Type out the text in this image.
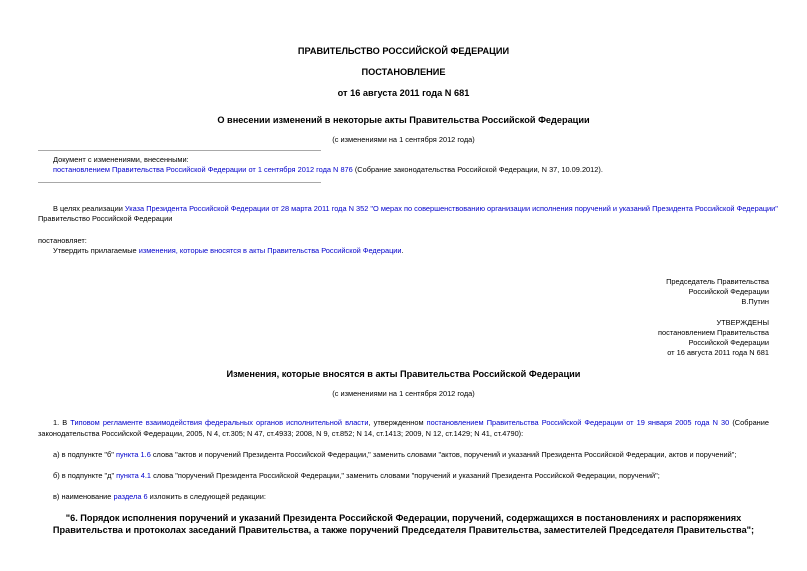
ПРАВИТЕЛЬСТВО РОССИЙСКОЙ ФЕДЕРАЦИИ
ПОСТАНОВЛЕНИЕ
от 16 августа 2011 года N 681
О внесении изменений в некоторые акты Правительства Российской Федерации
(с изменениями на 1 сентября 2012 года)
Документ с изменениями, внесенными:
постановлением Правительства Российской Федерации от 1 сентября 2012 года N 876 (Собрание законодательства Российской Федерации, N 37, 10.09.2012).
В целях реализации Указа Президента Российской Федерации от 28 марта 2011 года N 352 "О мерах по совершенствованию организации исполнения поручений и указаний Президента Российской Федерации"
Правительство Российской Федерации
постановляет:
Утвердить прилагаемые изменения, которые вносятся в акты Правительства Российской Федерации.
Председатель Правительства
Российской Федерации
В.Путин
УТВЕРЖДЕНЫ
постановлением Правительства
Российской Федерации
от 16 августа 2011 года N 681
Изменения, которые вносятся в акты Правительства Российской Федерации
(с изменениями на 1 сентября 2012 года)
1. В Типовом регламенте взаимодействия федеральных органов исполнительной власти, утвержденном постановлением Правительства Российской Федерации от 19 января 2005 года N 30 (Собрание законодательства Российской Федерации, 2005, N 4, ст.305; N 47, ст.4933; 2008, N 9, ст.852; N 14, ст.1413; 2009, N 12, ст.1429; N 41, ст.4790):
а) в подпункте "б" пункта 1.6 слова "актов и поручений Президента Российской Федерации," заменить словами "актов, поручений и указаний Президента Российской Федерации, актов и поручений";
б) в подпункте "д" пункта 4.1 слова "поручений Президента Российской Федерации," заменить словами "поручений и указаний Президента Российской Федерации, поручений";
в) наименование раздела 6 изложить в следующей редакции:
"6. Порядок исполнения поручений и указаний Президента Российской Федерации, поручений, содержащихся в постановлениях и распоряжениях Правительства и протоколах заседаний Правительства, а также поручений Председателя Правительства, заместителей Председателя Правительства";
